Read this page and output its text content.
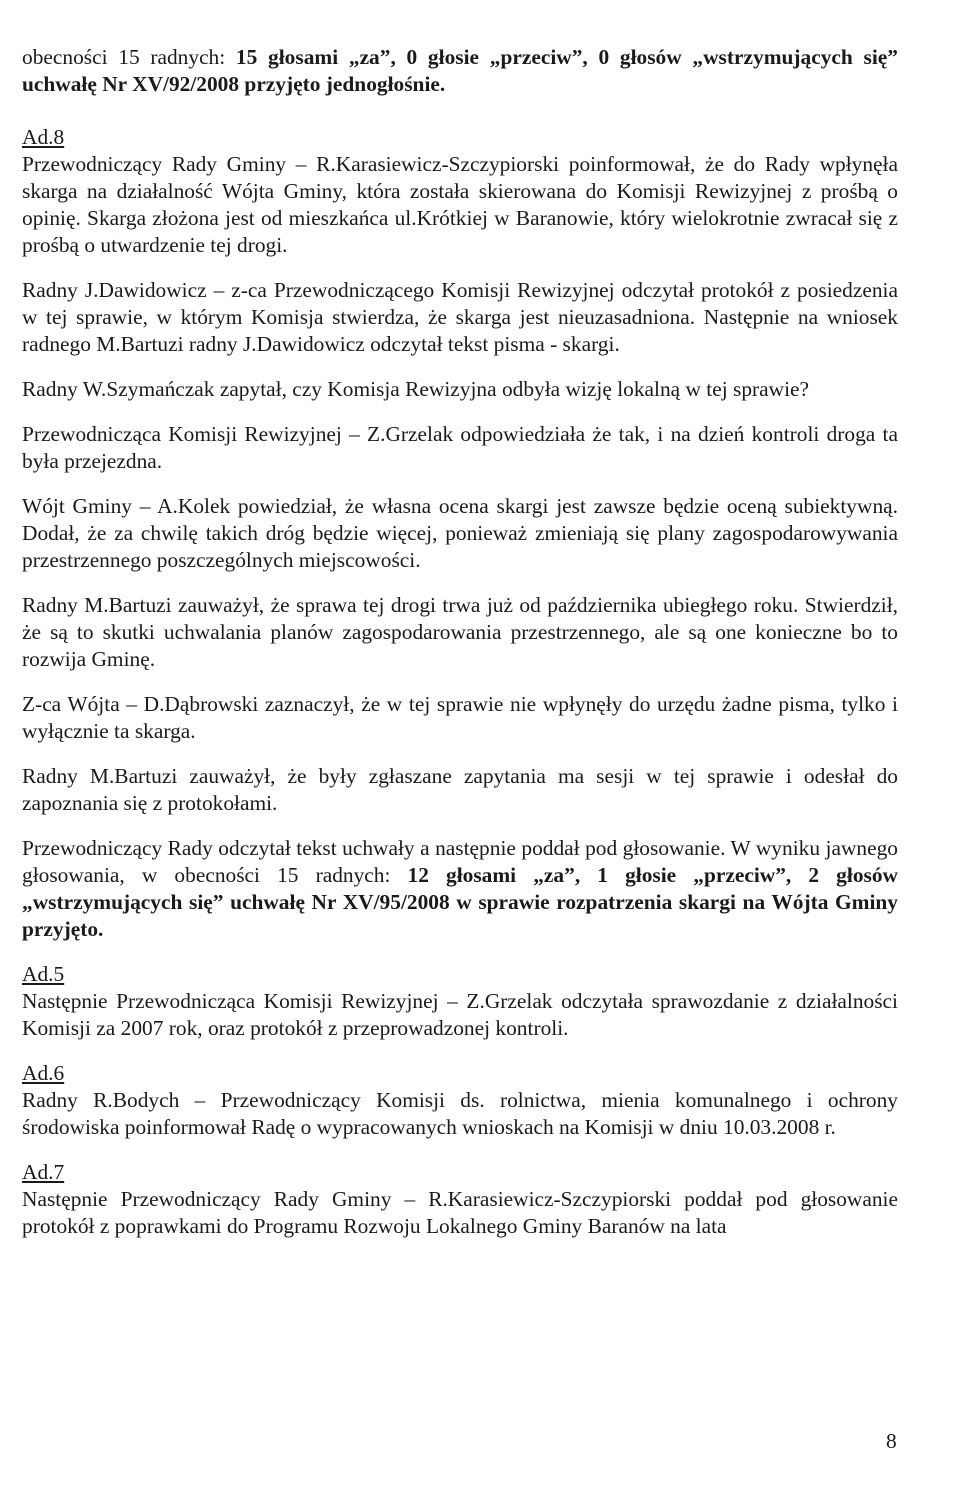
obecności 15 radnych: 15 głosami „za”, 0 głosie „przeciw”, 0 głosów „wstrzymujących się” uchwałę Nr XV/92/2008 przyjęto jednogłośnie.

Ad.8

Przewodniczący Rady Gminy – R.Karasiewicz-Szczypiorski poinformował, że do Rady wpłynęła skarga na działalność Wójta Gminy, która została skierowana do Komisji Rewizyjnej z prośbą o opinię. Skarga złożona jest od mieszkańca ul.Krótkiej w Baranowie, który wielokrotnie zwracał się z prośbą o utwardzenie tej drogi.

Radny J.Dawidowicz – z-ca Przewodniczącego Komisji Rewizyjnej odczytał protokół z posiedzenia w tej sprawie, w którym Komisja stwierdza, że skarga jest nieuzasadniona. Następnie na wniosek radnego M.Bartuzi radny J.Dawidowicz odczytał tekst pisma - skargi.

Radny W.Szymańczak zapytał, czy Komisja Rewizyjna odbyła wizję lokalną w tej sprawie?

Przewodnicząca Komisji Rewizyjnej – Z.Grzelak odpowiedziała że tak, i na dzień kontroli droga ta była przejezdna.

Wójt Gminy – A.Kolek powiedział, że własna ocena skargi jest zawsze będzie oceną subiektywną. Dodał, że za chwilę takich dróg będzie więcej, ponieważ zmieniają się plany zagospodarowywania przestrzennego poszczególnych miejscowości.

Radny M.Bartuzi zauważył, że sprawa tej drogi trwa już od października ubiegłego roku. Stwierdził, że są to skutki uchwalania planów zagospodarowania przestrzennego, ale są one konieczne bo to rozwija Gminę.

Z-ca Wójta – D.Dąbrowski zaznaczył, że w tej sprawie nie wpłynęły do urzędu żadne pisma, tylko i wyłącznie ta skarga.

Radny M.Bartuzi zauważył, że były zgłaszane zapytania ma sesji w tej sprawie i odesłał do zapoznania się z protokołami.

Przewodniczący Rady odczytał tekst uchwały a następnie poddał pod głosowanie. W wyniku jawnego głosowania, w obecności 15 radnych: 12 głosami „za”, 1 głosie „przeciw”, 2 głosów „wstrzymujących się” uchwałę Nr XV/95/2008 w sprawie rozpatrzenia skargi na Wójta Gminy przyjęto.

Ad.5

Następnie Przewodnicząca Komisji Rewizyjnej – Z.Grzelak odczytała sprawozdanie z działalności Komisji za 2007 rok, oraz protokół z przeprowadzonej kontroli.

Ad.6

Radny R.Bodych – Przewodniczący Komisji ds. rolnictwa, mienia komunalnego i ochrony środowiska poinformował Radę o wypracowanych wnioskach na Komisji w dniu 10.03.2008 r.

Ad.7

Następnie Przewodniczący Rady Gminy – R.Karasiewicz-Szczypiorski poddał pod głosowanie protokół z poprawkami do Programu Rozwoju Lokalnego Gminy Baranów na lata

8
